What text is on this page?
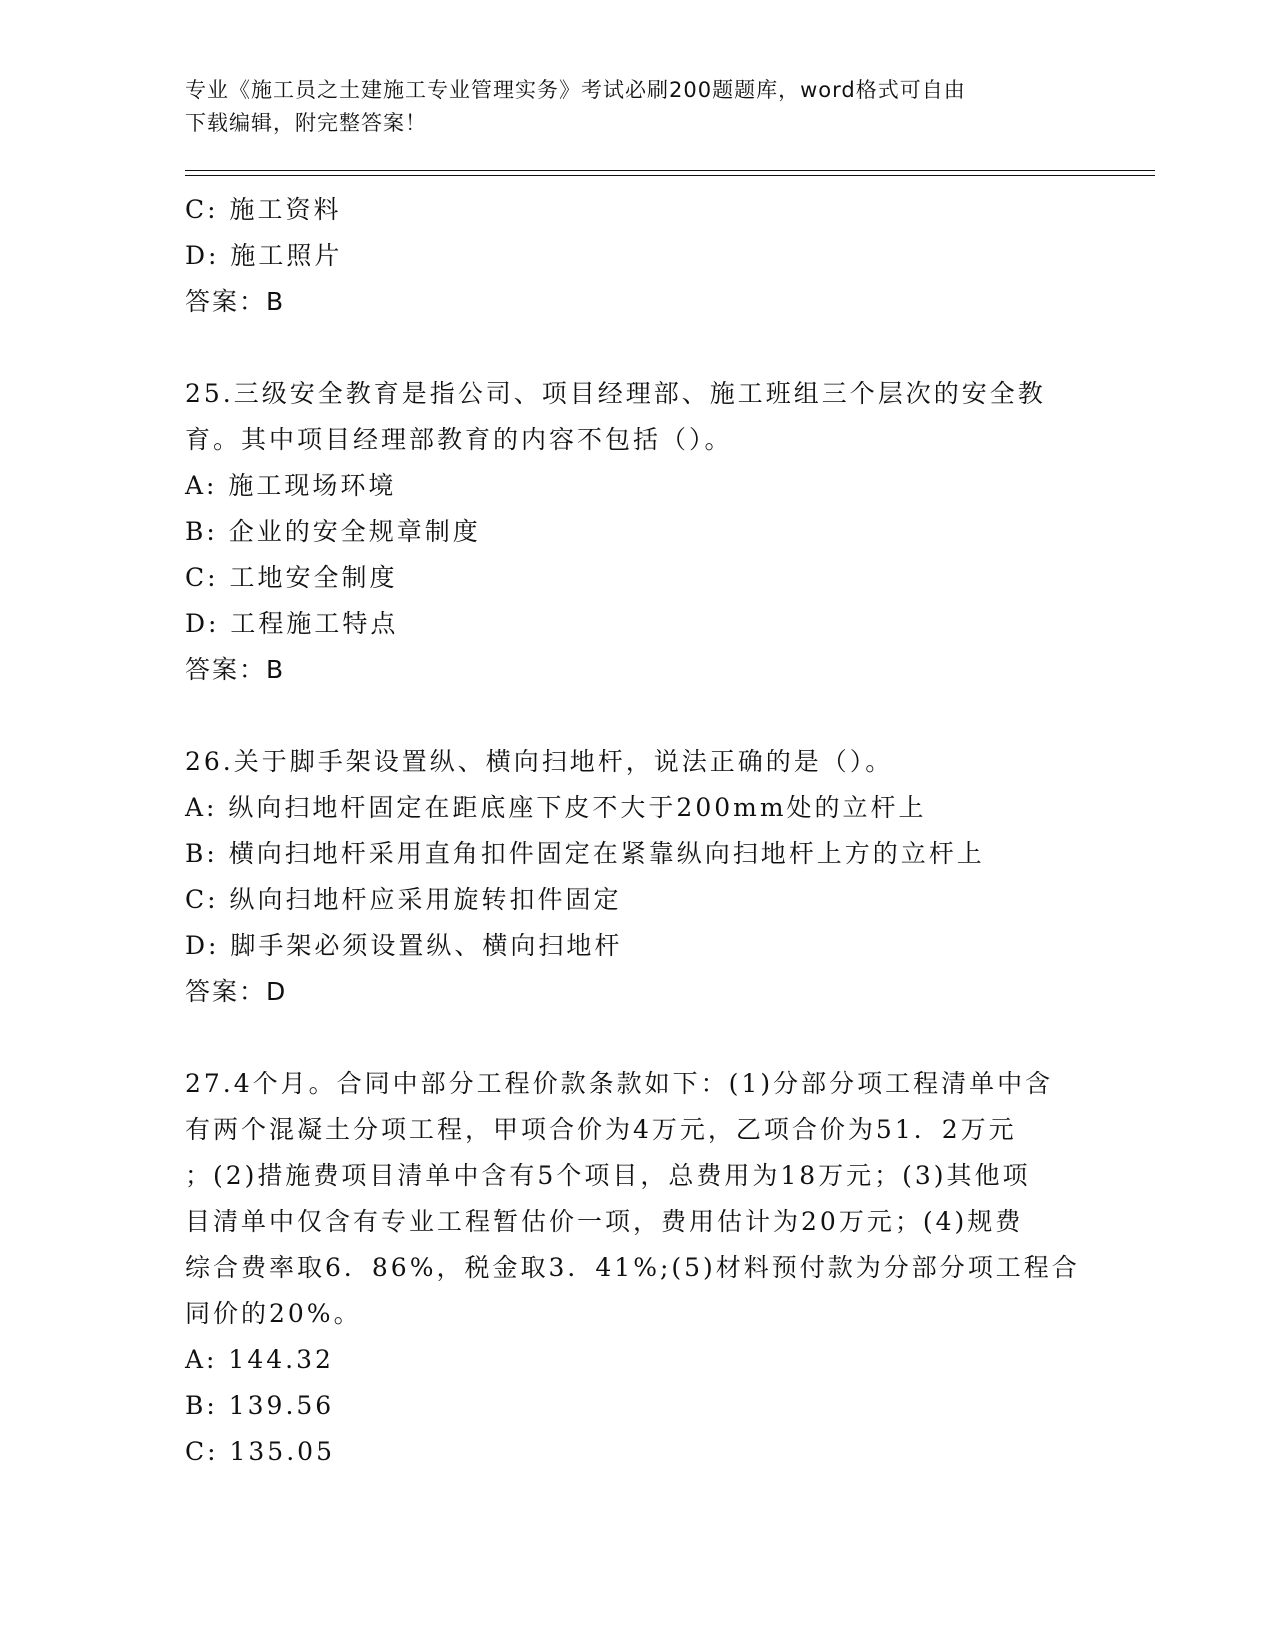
专业《施工员之土建施工专业管理实务》考试必刷200题题库，word格式可自由
下载编辑，附完整答案！
C: 施工资料
D: 施工照片
答案：B
25.三级安全教育是指公司、项目经理部、施工班组三个层次的安全教
育。其中项目经理部教育的内容不包括（）。
A: 施工现场环境
B: 企业的安全规章制度
C: 工地安全制度
D: 工程施工特点
答案：B
26.关于脚手架设置纵、横向扫地杆，说法正确的是（）。
A: 纵向扫地杆固定在距底座下皮不大于200mm处的立杆上
B: 横向扫地杆采用直角扣件固定在紧靠纵向扫地杆上方的立杆上
C: 纵向扫地杆应采用旋转扣件固定
D: 脚手架必须设置纵、横向扫地杆
答案：D
27.4个月。合同中部分工程价款条款如下：(1)分部分项工程清单中含
有两个混凝土分项工程，甲项合价为4万元，乙项合价为51．2万元
；(2)措施费项目清单中含有5个项目，总费用为18万元；(3)其他项
目清单中仅含有专业工程暂估价一项，费用估计为20万元；(4)规费
综合费率取6．86%，税金取3．41%;(5)材料预付款为分部分项工程合
同价的20%。
A: 144.32
B: 139.56
C: 135.05
